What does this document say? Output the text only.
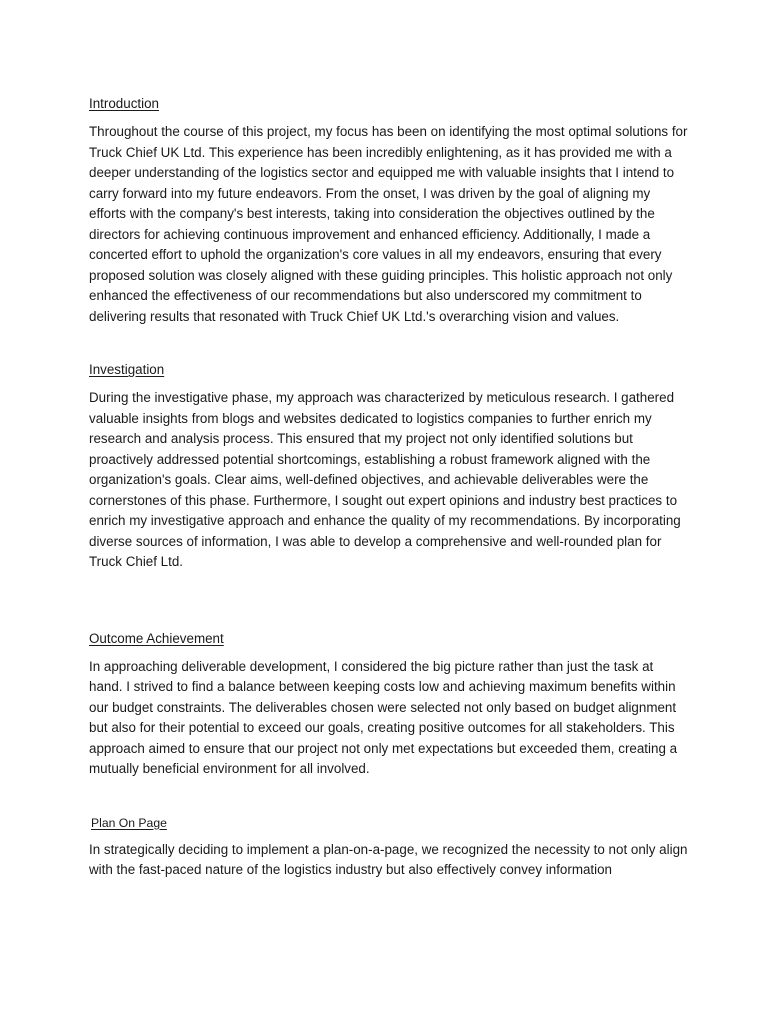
Introduction

Throughout the course of this project, my focus has been on identifying the most optimal solutions for Truck Chief UK Ltd. This experience has been incredibly enlightening, as it has provided me with a deeper understanding of the logistics sector and equipped me with valuable insights that I intend to carry forward into my future endeavors. From the onset, I was driven by the goal of aligning my efforts with the company's best interests, taking into consideration the objectives outlined by the directors for achieving continuous improvement and enhanced efficiency. Additionally, I made a concerted effort to uphold the organization's core values in all my endeavors, ensuring that every proposed solution was closely aligned with these guiding principles. This holistic approach not only enhanced the effectiveness of our recommendations but also underscored my commitment to delivering results that resonated with Truck Chief UK Ltd.'s overarching vision and values.

Investigation

During the investigative phase, my approach was characterized by meticulous research. I gathered valuable insights from blogs and websites dedicated to logistics companies to further enrich my research and analysis process. This ensured that my project not only identified solutions but proactively addressed potential shortcomings, establishing a robust framework aligned with the organization's goals. Clear aims, well-defined objectives, and achievable deliverables were the cornerstones of this phase. Furthermore, I sought out expert opinions and industry best practices to enrich my investigative approach and enhance the quality of my recommendations. By incorporating diverse sources of information, I was able to develop a comprehensive and well-rounded plan for Truck Chief Ltd.

Outcome Achievement

In approaching deliverable development, I considered the big picture rather than just the task at hand. I strived to find a balance between keeping costs low and achieving maximum benefits within our budget constraints. The deliverables chosen were selected not only based on budget alignment but also for their potential to exceed our goals, creating positive outcomes for all stakeholders. This approach aimed to ensure that our project not only met expectations but exceeded them, creating a mutually beneficial environment for all involved.

Plan On Page

In strategically deciding to implement a plan-on-a-page, we recognized the necessity to not only align with the fast-paced nature of the logistics industry but also effectively convey information
